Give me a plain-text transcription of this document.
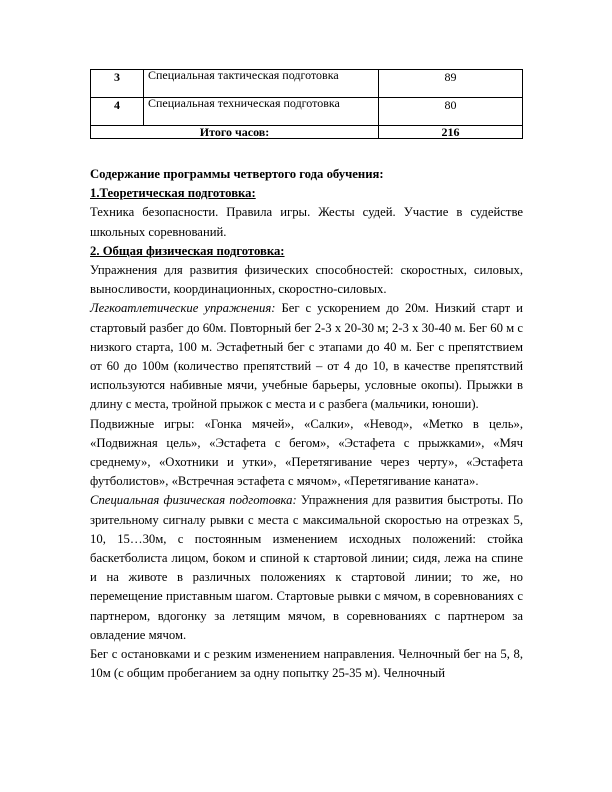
3	Специальная тактическая подготовка	89
4	Специальная техническая подготовка	80
Итого часов:		216

Содержание программы четвертого года обучения:

1.Теоретическая подготовка:

Техника безопасности. Правила игры. Жесты судей. Участие в судействе школьных соревнований.

2. Общая физическая подготовка:

Упражнения для развития физических способностей: скоростных, силовых, выносливости, координационных, скоростно-силовых.

Легкоатлетические упражнения: Бег с ускорением до 20м. Низкий старт и стартовый разбег до 60м. Повторный бег 2-3 х 20-30 м; 2-3 х 30-40 м. Бег 60 м с низкого старта, 100 м. Эстафетный бег с этапами до 40 м. Бег с препятствием от 60 до 100м (количество препятствий – от 4 до 10, в качестве препятствий используются набивные мячи, учебные барьеры, условные окопы). Прыжки в длину с места, тройной прыжок с места и с разбега (мальчики, юноши).

Подвижные игры: «Гонка мячей», «Салки», «Невод», «Метко в цель», «Подвижная цель», «Эстафета с бегом», «Эстафета с прыжками», «Мяч среднему», «Охотники и утки», «Перетягивание через черту», «Эстафета футболистов», «Встречная эстафета с мячом», «Перетягивание каната».

Специальная физическая подготовка: Упражнения для развития быстроты. По зрительному сигналу рывки с места с максимальной скоростью на отрезках 5, 10, 15…30м, с постоянным изменением исходных положений: стойка баскетболиста лицом, боком и спиной к стартовой линии; сидя, лежа на спине и на животе в различных положениях к стартовой линии; то же, но перемещение приставным шагом. Стартовые рывки с мячом, в соревнованиях с партнером, вдогонку за летящим мячом, в соревнованиях с партнером за овладение мячом.

Бег с остановками и с резким изменением направления. Челночный бег на 5, 8, 10м (с общим пробеганием за одну попытку 25-35 м). Челночный
